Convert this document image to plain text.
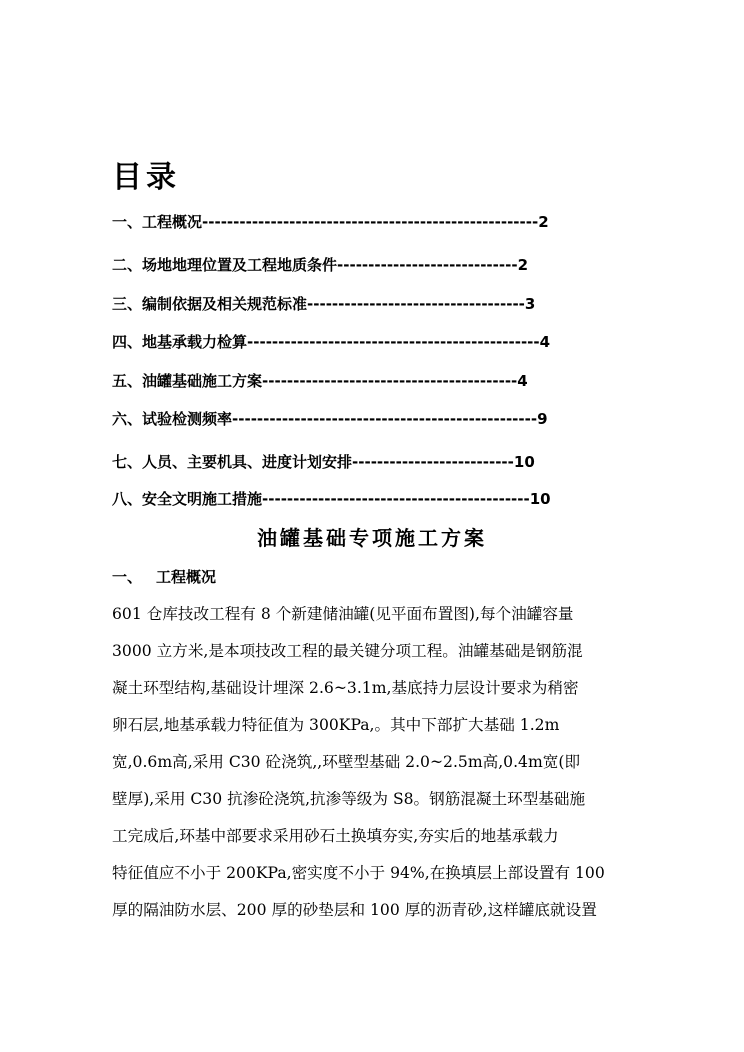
目录
一、工程概况------------------------------------------------------2
二、场地地理位置及工程地质条件-----------------------------2
三、编制依据及相关规范标准-----------------------------------3
四、地基承载力检算-----------------------------------------------4
五、油罐基础施工方案-----------------------------------------4
六、试验检测频率-------------------------------------------------9
七、人员、主要机具、进度计划安排--------------------------10
八、安全文明施工措施-------------------------------------------10
油罐基础专项施工方案
一、 工程概况
601 仓库技改工程有 8 个新建储油罐(见平面布置图),每个油罐容量
3000 立方米,是本项技改工程的最关键分项工程。油罐基础是钢筋混
凝土环型结构,基础设计埋深 2.6~3.1m,基底持力层设计要求为稍密
卵石层,地基承载力特征值为 300KPa,。其中下部扩大基础 1.2m
宽,0.6m高,采用 C30 砼浇筑,,环壁型基础 2.0~2.5m高,0.4m宽(即
壁厚),采用 C30 抗渗砼浇筑,抗渗等级为 S8。钢筋混凝土环型基础施
工完成后,环基中部要求采用砂石土换填夯实,夯实后的地基承载力
特征值应不小于 200KPa,密实度不小于 94%,在换填层上部设置有 100
厚的隔油防水层、200 厚的砂垫层和 100 厚的沥青砂,这样罐底就设置
